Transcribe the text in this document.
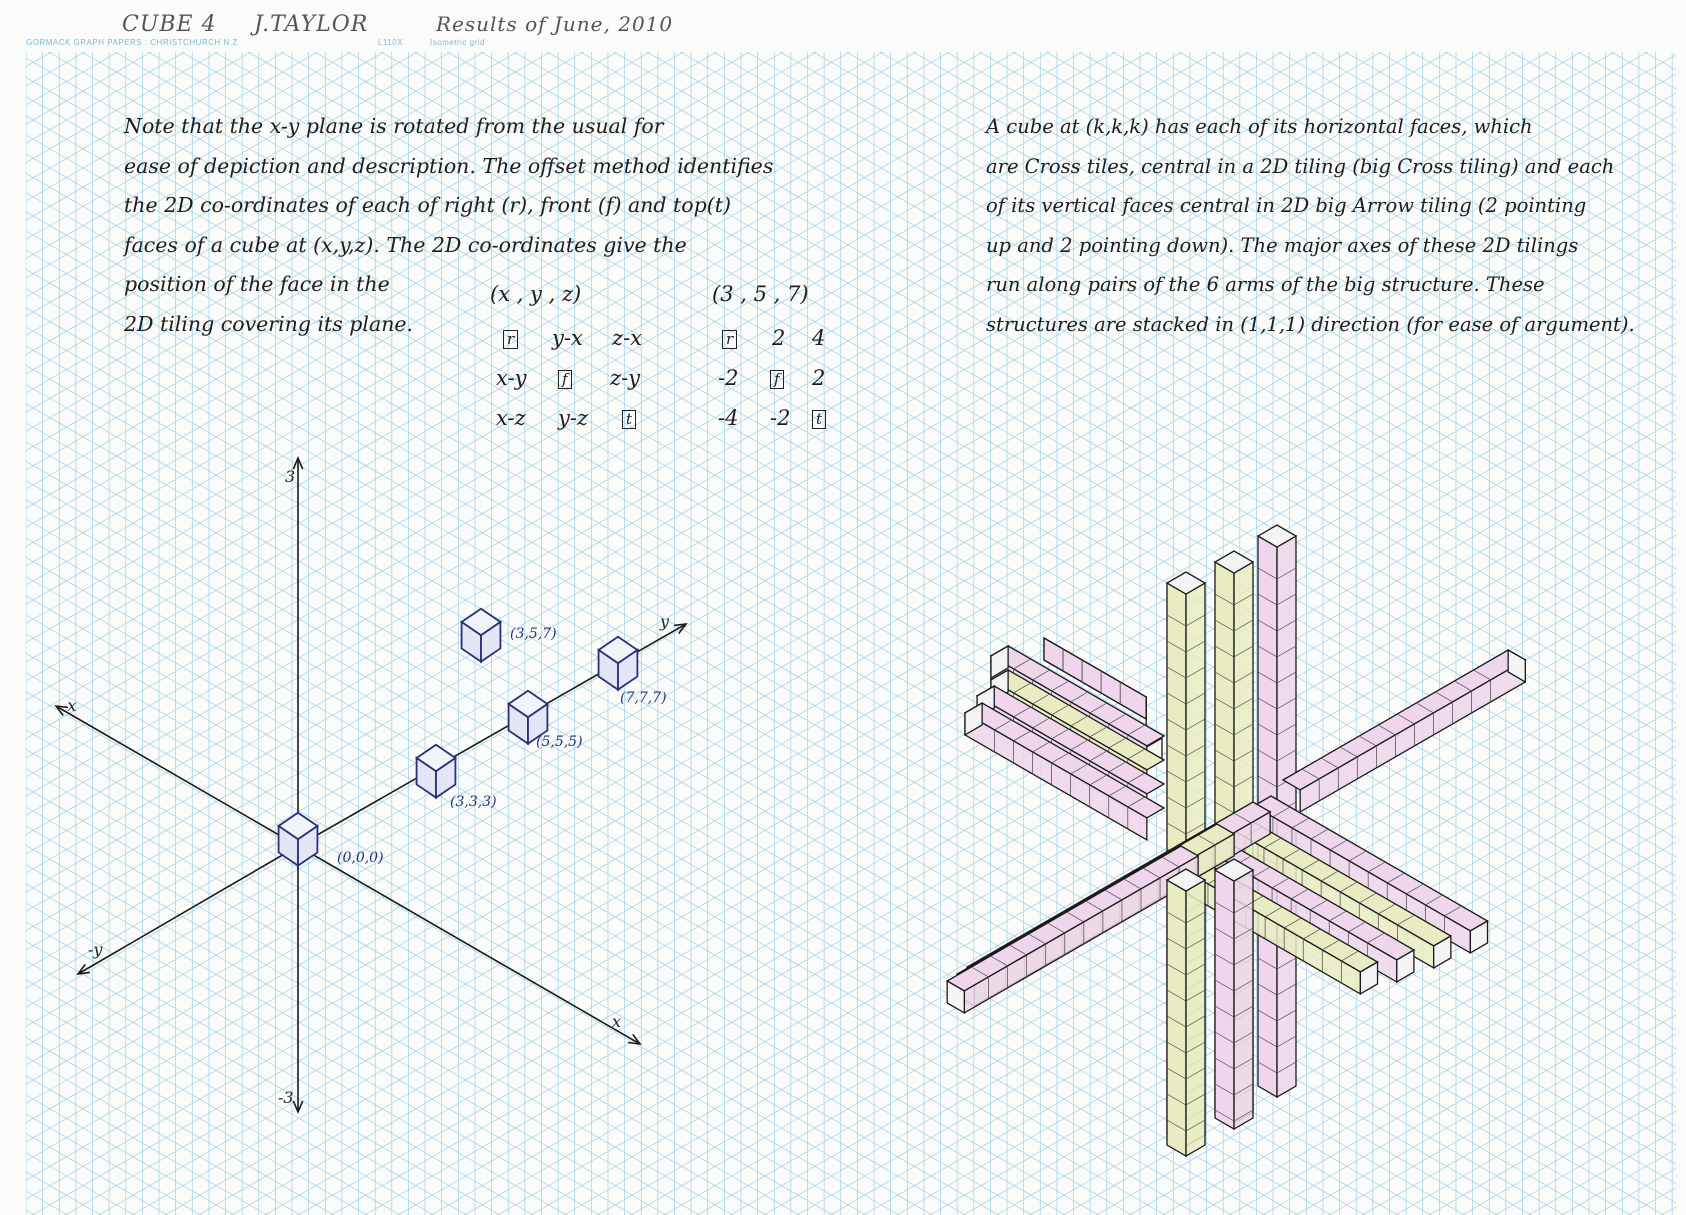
CUBE 4 J.TAYLOR	Results of June, 2010
GORMACK GRAPH PAPERS : CHRISTCHURCH N.Z	L110X	Isometric grid
Note that the x-y plane is rotated from the usual for
ease of depiction and description. The offset method identifies
the 2D co-ordinates of each of right (r), front (f) and top(t)
faces of a cube at (x,y,z). The 2D co-ordinates give the
position of the face in the
2D tiling covering its plane.
(x , y , z)	(3 , 5 , 7)
r y-x z-x
x-y f z-y
x-z y-z	t
r 2 4
-2 f 2
-4 -2 t
A cube at (k,k,k) has each of its horizontal faces, which
are Cross tiles, central in a 2D tiling (big Cross tiling) and each
of its vertical faces central in 2D big Arrow tiling (2 pointing
up and 2 pointing down). The major axes of these 2D tilings
run along pairs of the 6 arms of the big structure. These
structures are stacked in (1,1,1) direction (for ease of argument).
3
-3
-x
x
y
-y
(0,0,0)
(3,3,3)
(5,5,5)
(7,7,7)
(3,5,7)
